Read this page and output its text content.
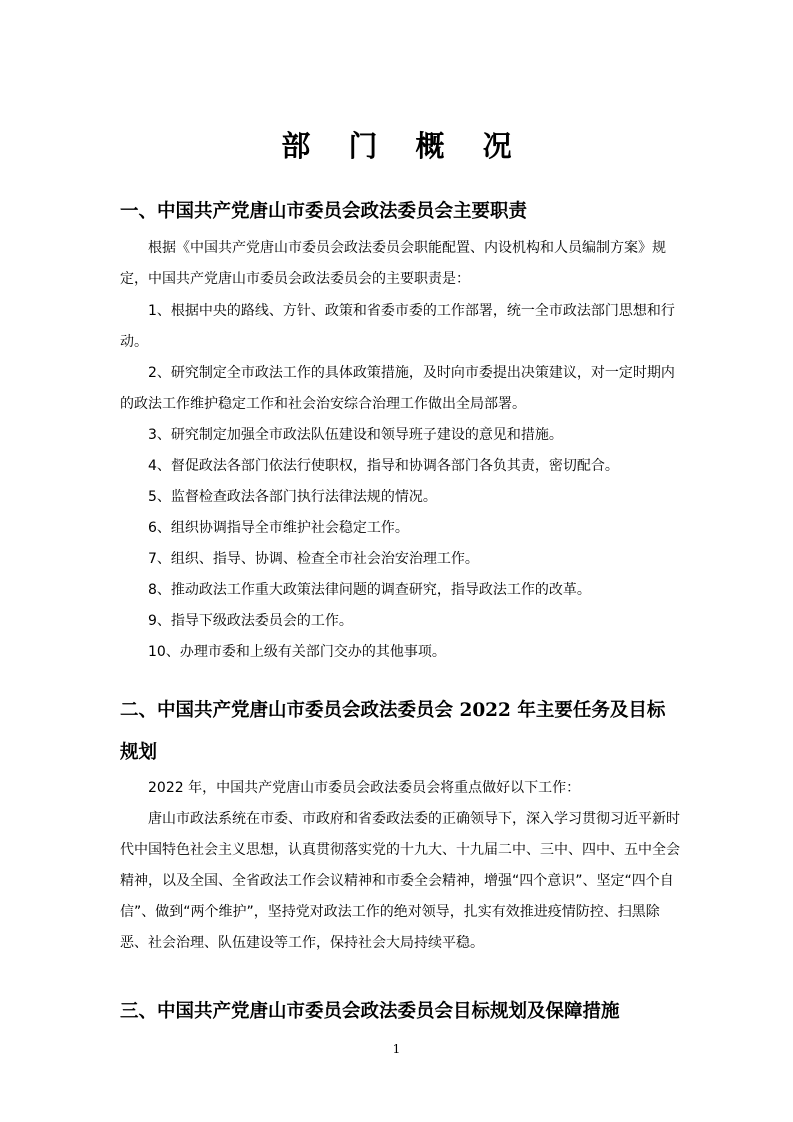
部 门 概 况
一、中国共产党唐山市委员会政法委员会主要职责
根据《中国共产党唐山市委员会政法委员会职能配置、内设机构和人员编制方案》规定，中国共产党唐山市委员会政法委员会的主要职责是：
1、根据中央的路线、方针、政策和省委市委的工作部署，统一全市政法部门思想和行动。
2、研究制定全市政法工作的具体政策措施，及时向市委提出决策建议，对一定时期内的政法工作维护稳定工作和社会治安综合治理工作做出全局部署。
3、研究制定加强全市政法队伍建设和领导班子建设的意见和措施。
4、督促政法各部门依法行使职权，指导和协调各部门各负其责，密切配合。
5、监督检查政法各部门执行法律法规的情况。
6、组织协调指导全市维护社会稳定工作。
7、组织、指导、协调、检查全市社会治安治理工作。
8、推动政法工作重大政策法律问题的调查研究，指导政法工作的改革。
9、指导下级政法委员会的工作。
10、办理市委和上级有关部门交办的其他事项。
二、中国共产党唐山市委员会政法委员会 2022 年主要任务及目标规划
2022 年，中国共产党唐山市委员会政法委员会将重点做好以下工作：
唐山市政法系统在市委、市政府和省委政法委的正确领导下，深入学习贯彻习近平新时代中国特色社会主义思想，认真贯彻落实党的十九大、十九届二中、三中、四中、五中全会精神，以及全国、全省政法工作会议精神和市委全会精神，增强“四个意识”、坚定“四个自信”、做到“两个维护”，坚持党对政法工作的绝对领导，扎实有效推进疫情防控、扫黑除恶、社会治理、队伍建设等工作，保持社会大局持续平稳。
三、中国共产党唐山市委员会政法委员会目标规划及保障措施
1
